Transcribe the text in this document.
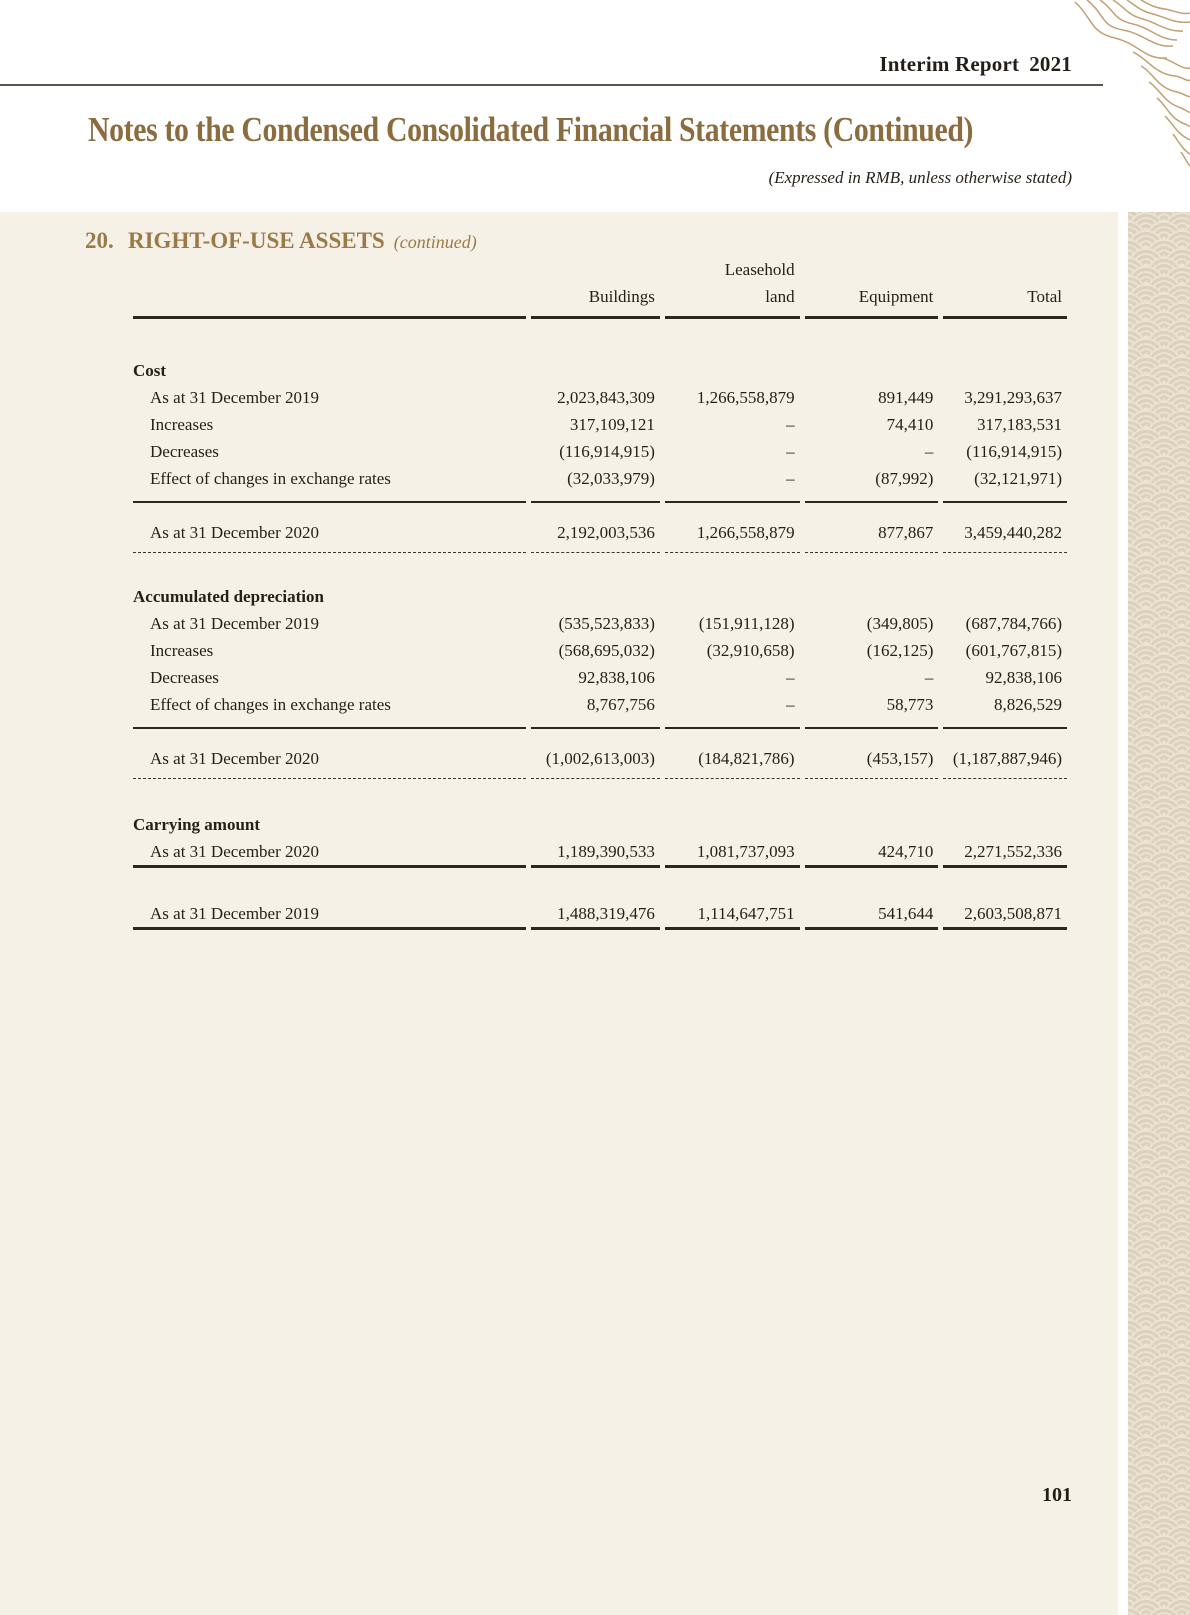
Interim Report 2021
Notes to the Condensed Consolidated Financial Statements (Continued)
(Expressed in RMB, unless otherwise stated)
20. RIGHT-OF-USE ASSETS (continued)
		Leasehold		
	Buildings	land	Equipment	Total

Cost				
As at 31 December 2019	2,023,843,309	1,266,558,879	891,449	3,291,293,637
Increases	317,109,121	–	74,410	317,183,531
Decreases	(116,914,915)	–	–	(116,914,915)
Effect of changes in exchange rates	(32,033,979)	–	(87,992)	(32,121,971)

As at 31 December 2020	2,192,003,536	1,266,558,879	877,867	3,459,440,282

Accumulated depreciation				
As at 31 December 2019	(535,523,833)	(151,911,128)	(349,805)	(687,784,766)
Increases	(568,695,032)	(32,910,658)	(162,125)	(601,767,815)
Decreases	92,838,106	–	–	92,838,106
Effect of changes in exchange rates	8,767,756	–	58,773	8,826,529

As at 31 December 2020	(1,002,613,003)	(184,821,786)	(453,157)	(1,187,887,946)

Carrying amount				
As at 31 December 2020	1,189,390,533	1,081,737,093	424,710	2,271,552,336

As at 31 December 2019	1,488,319,476	1,114,647,751	541,644	2,603,508,871
101
